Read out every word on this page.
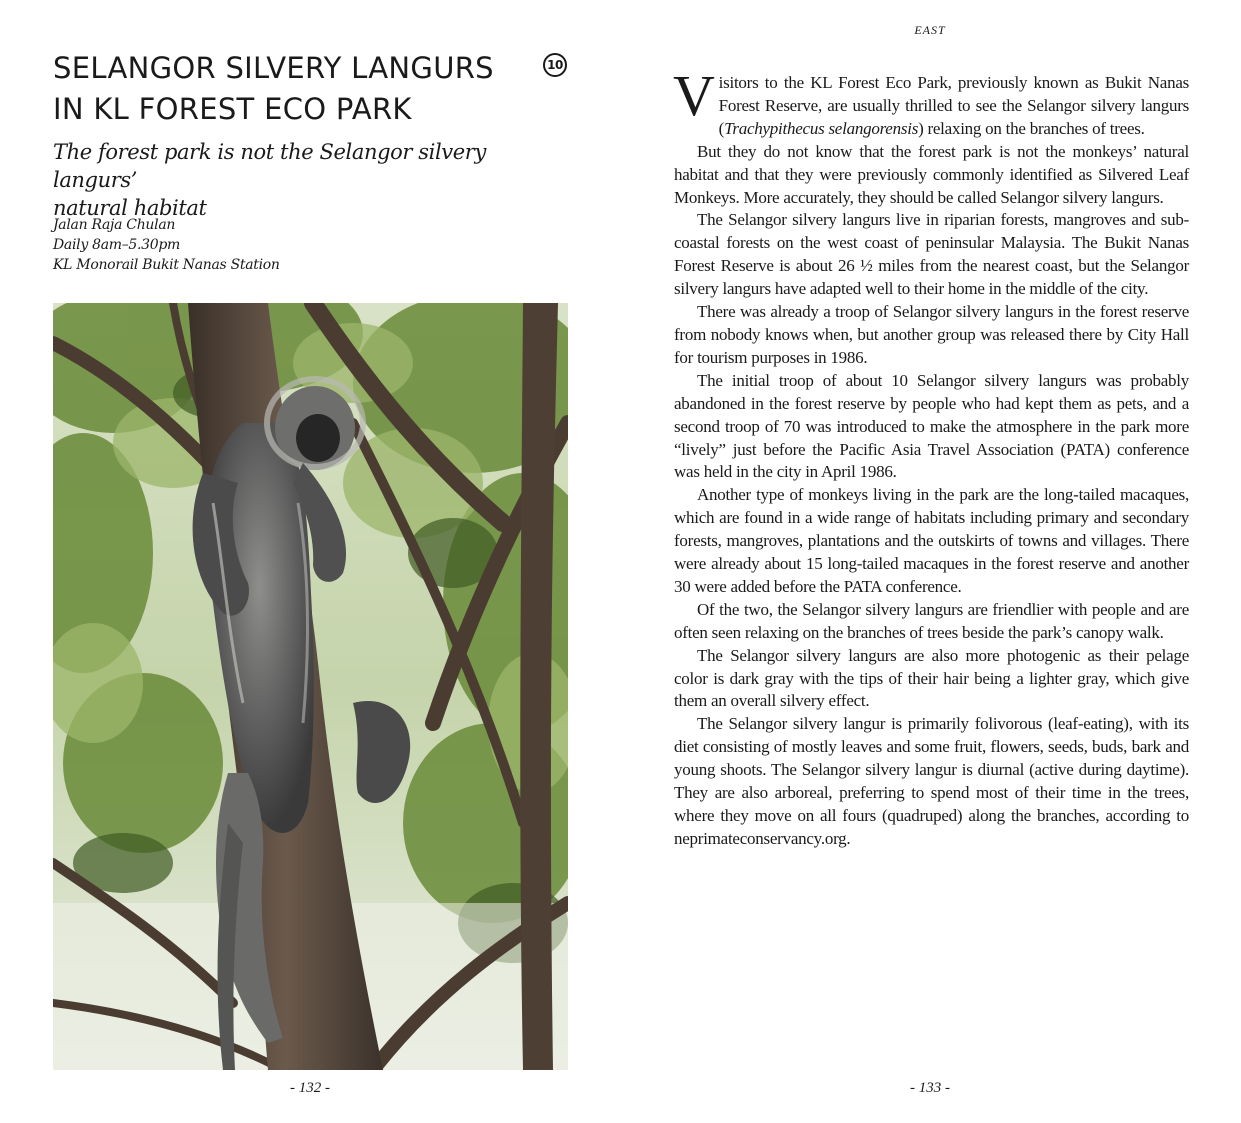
SELANGOR SILVERY LANGURS
IN KL FOREST ECO PARK
10
The forest park is not the Selangor silvery langurs’
natural habitat
Jalan Raja Chulan
Daily 8am–5.30pm
KL Monorail Bukit Nanas Station
- 132 -
EAST

Visitors to the KL Forest Eco Park, previously known as Bukit Nanas Forest Reserve, are usually thrilled to see the Selangor silvery langurs (Trachypithecus selangorensis) relaxing on the branches of trees.

But they do not know that the forest park is not the monkeys’ natural habitat and that they were previously commonly identified as Silvered Leaf Monkeys. More accurately, they should be called Selangor silvery langurs.

The Selangor silvery langurs live in riparian forests, mangroves and sub-coastal forests on the west coast of peninsular Malaysia. The Bukit Nanas Forest Reserve is about 26 ½ miles from the nearest coast, but the Selangor silvery langurs have adapted well to their home in the middle of the city.

There was already a troop of Selangor silvery langurs in the forest reserve from nobody knows when, but another group was released there by City Hall for tourism purposes in 1986.

The initial troop of about 10 Selangor silvery langurs was probably abandoned in the forest reserve by people who had kept them as pets, and a second troop of 70 was introduced to make the atmosphere in the park more “lively” just before the Pacific Asia Travel Association (PATA) conference was held in the city in April 1986.

Another type of monkeys living in the park are the long-tailed macaques, which are found in a wide range of habitats including primary and secondary forests, mangroves, plantations and the outskirts of towns and villages. There were already about 15 long-tailed macaques in the forest reserve and another 30 were added before the PATA conference.

Of the two, the Selangor silvery langurs are friendlier with people and are often seen relaxing on the branches of trees beside the park’s canopy walk.

The Selangor silvery langurs are also more photogenic as their pelage color is dark gray with the tips of their hair being a lighter gray, which give them an overall silvery effect.

The Selangor silvery langur is primarily folivorous (leaf-eating), with its diet consisting of mostly leaves and some fruit, flowers, seeds, buds, bark and young shoots. The Selangor silvery langur is diurnal (active during daytime). They are also arboreal, preferring to spend most of their time in the trees, where they move on all fours (quadruped) along the branches, according to neprimateconservancy.org.

- 133 -
